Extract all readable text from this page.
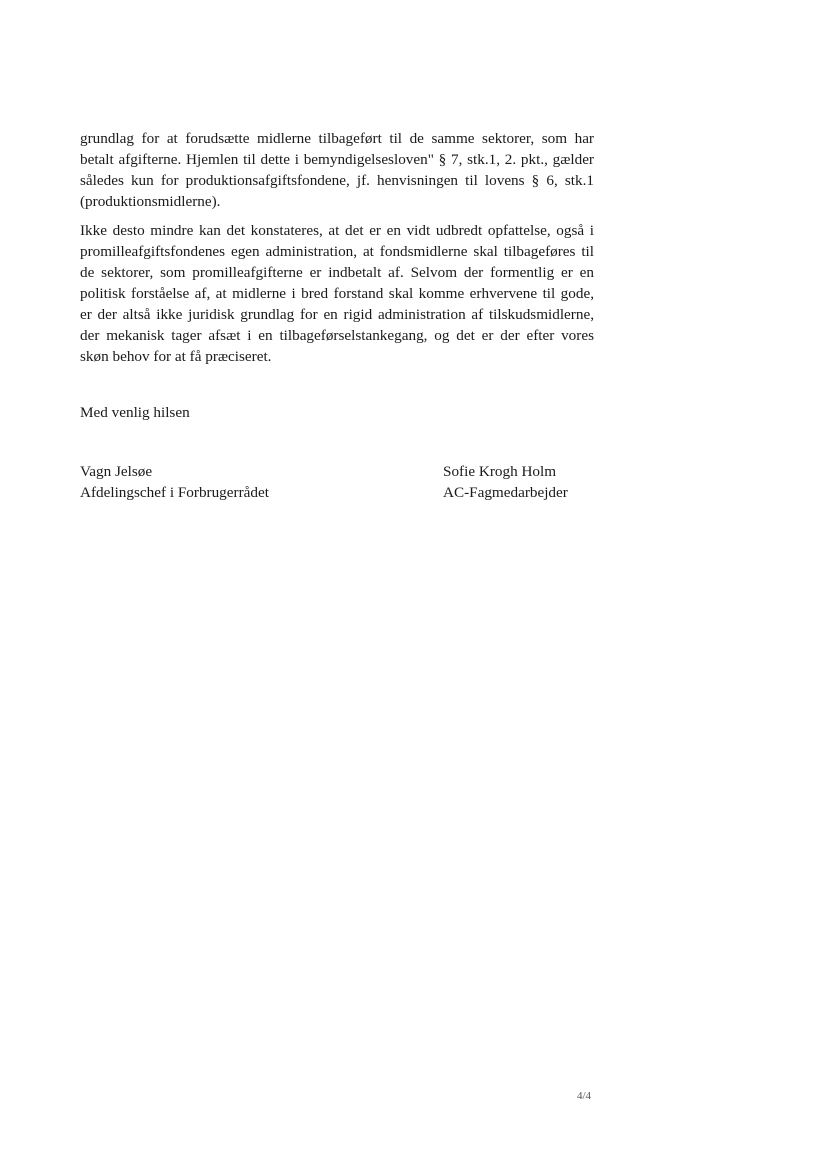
· · ·
grundlag for at forudsætte midlerne tilbageført til de samme sektorer, som har
betalt afgifterne. Hjemlen til dette i bemyndigelsesloven" § 7, stk.1, 2. pkt., gælder
således kun for produktionsafgiftsfondene, jf. henvisningen til lovens § 6, stk.1
(produktionsmidlerne).
Ikke desto mindre kan det konstateres, at det er en vidt udbredt opfattelse, også i
promilleafgiftsfondenes egen administration, at fondsmidlerne skal tilbageføres til
de sektorer, som promilleafgifterne er indbetalt af. Selvom der formentlig er en
politisk forståelse af, at midlerne i bred forstand skal komme erhvervene til gode,
er der altså ikke juridisk grundlag for en rigid administration af tilskudsmidlerne,
der mekanisk tager afsæt i en tilbageførselstankegang, og det er der efter vores
skøn behov for at få præciseret.

Med venlig hilsen

Vagn Jelsøe
Afdelingschef i Forbrugerrådet
Sofie Krogh Holm
AC-Fagmedarbejder
4/4
